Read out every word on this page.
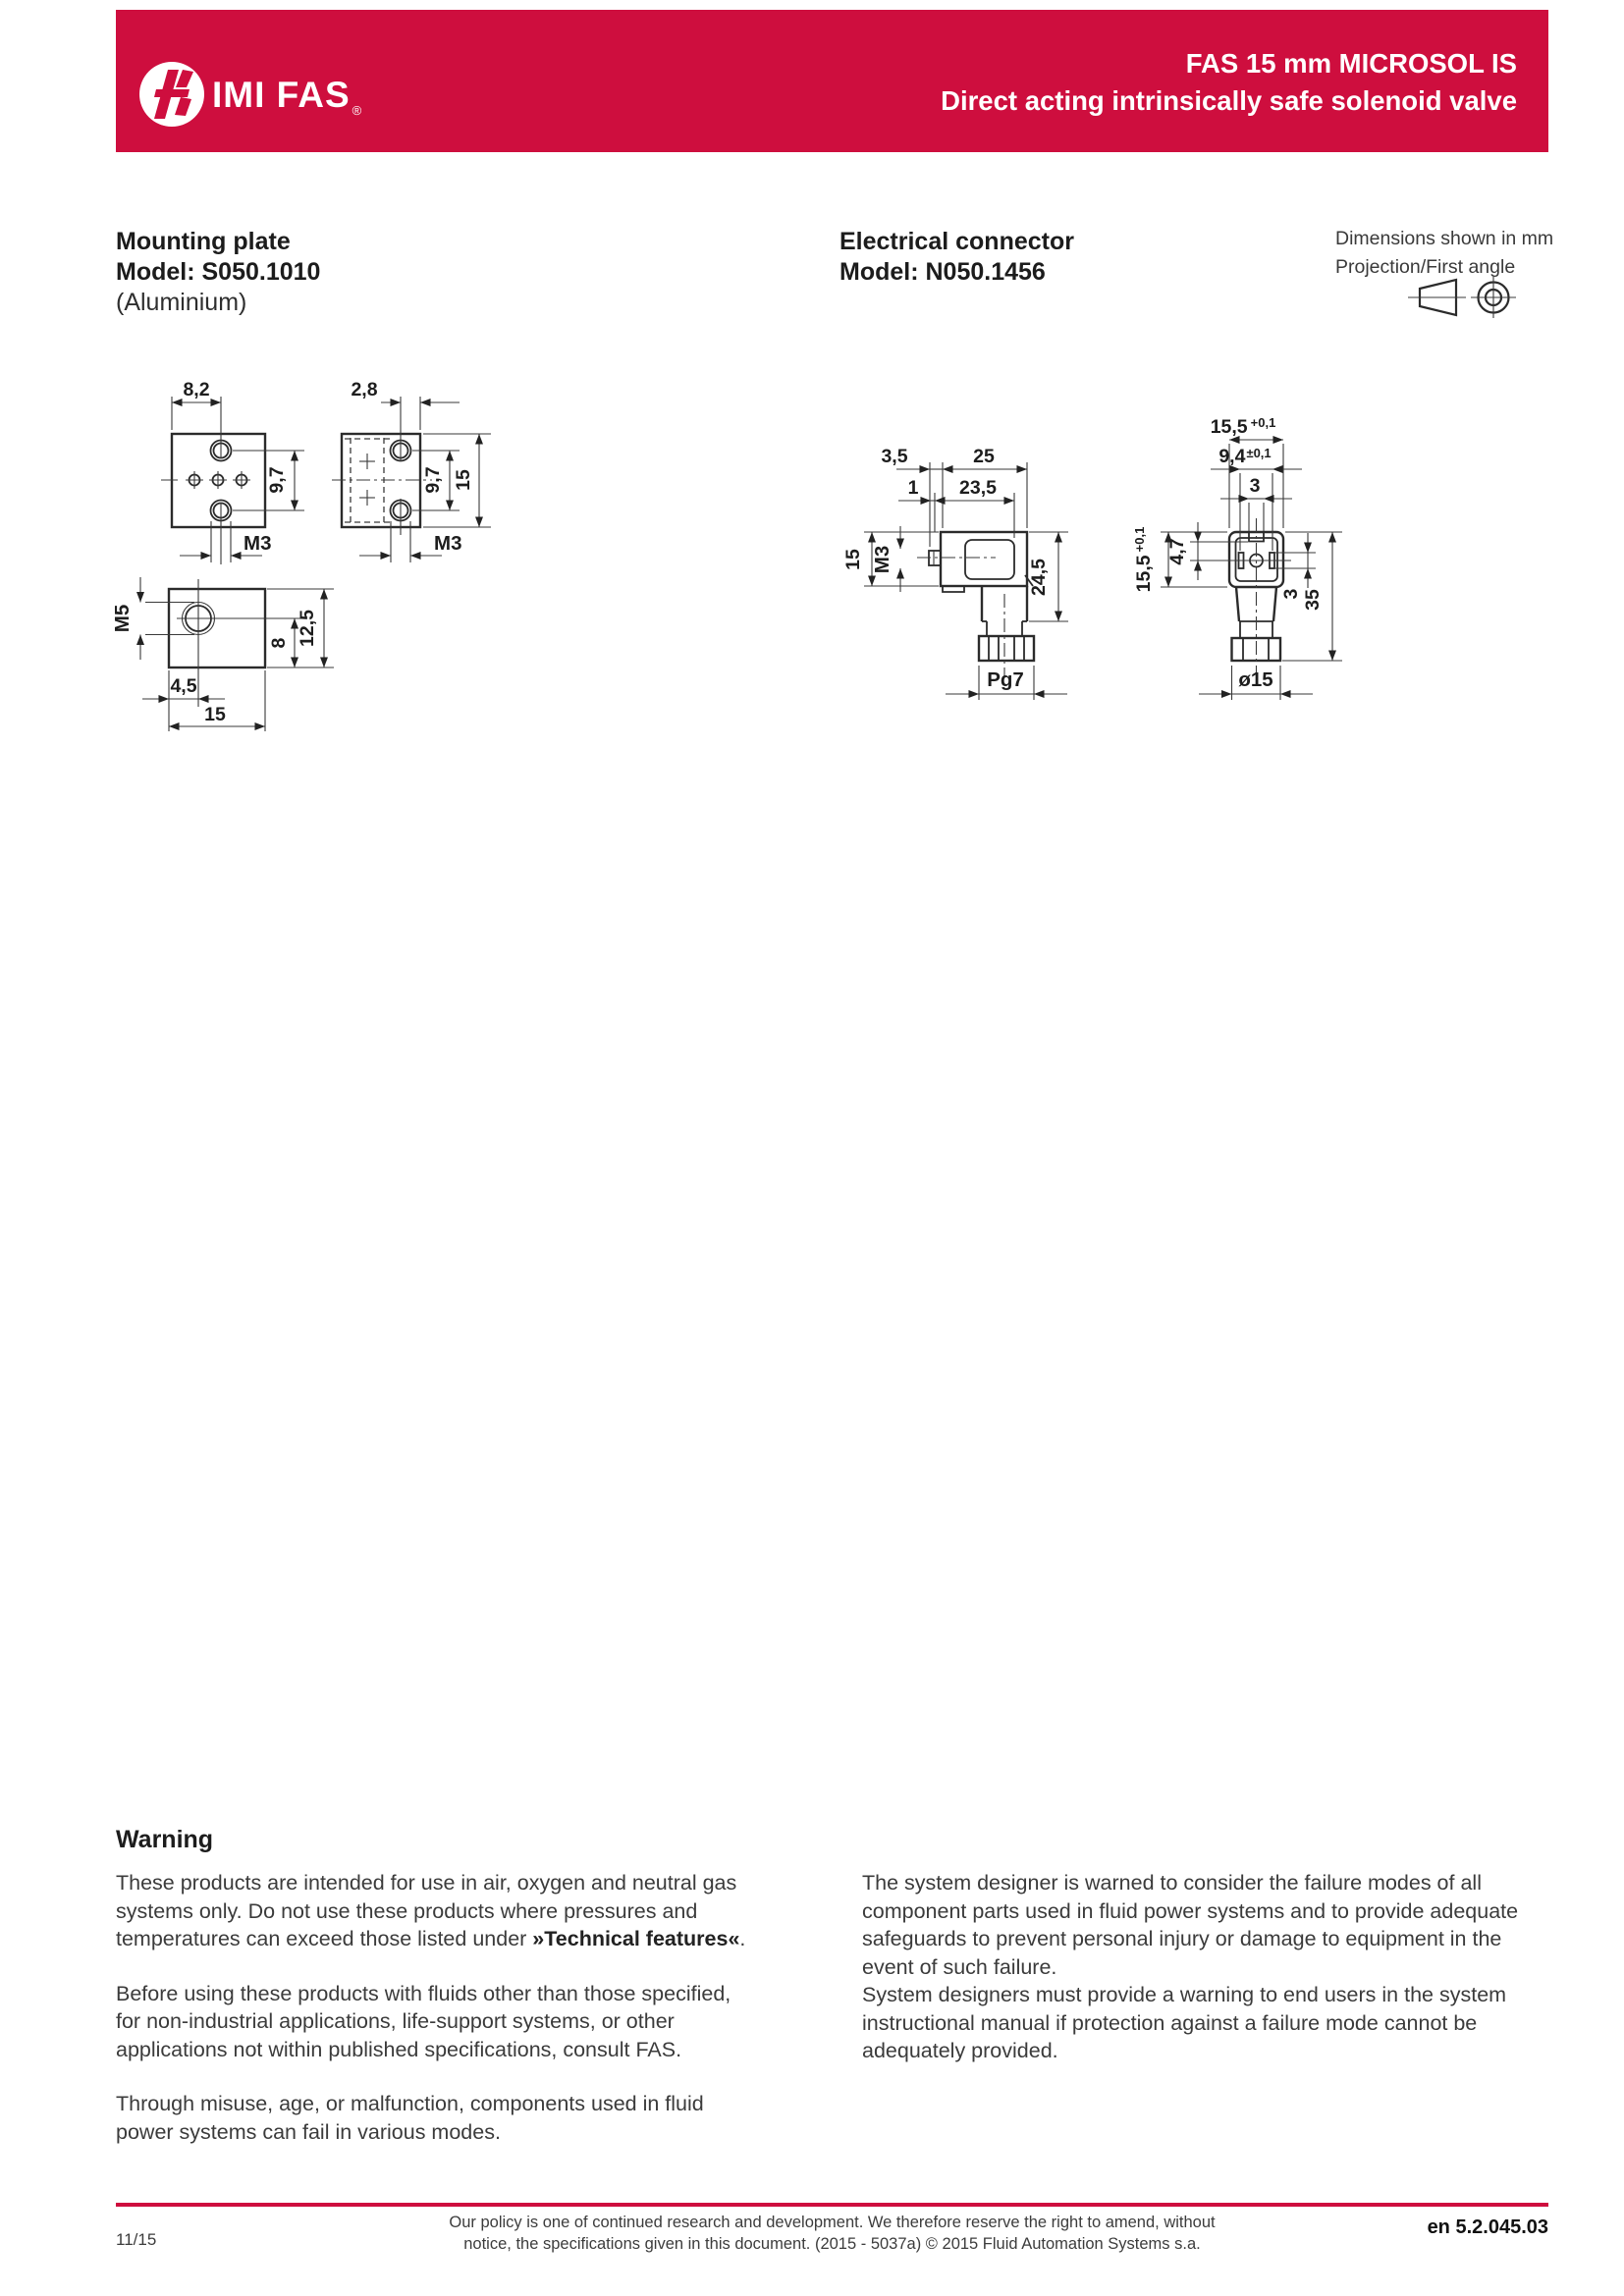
IMI FAS $_®$
FAS 15 mm MICROSOL IS
Direct acting intrinsically safe solenoid valve
Mounting plate
Model: S050.1010
(Aluminium)
Electrical connector
Model: N050.1456
Dimensions shown in mm
Projection/First angle
8,2
9,7
M3
2,8
9,7 15
M3
M5	12,5
8
4,5
15
3,5	25
1 23,5
15 M3	24,5
Pg7
15,5 $^{+0,1}$
$9,4^{\pm 0,1}$
3
$15,5^{+0,1}$	4,7
3 35
ø15
Warning

These products are intended for use in air, oxygen and neutral gas systems only. Do not use these products where pressures and temperatures can exceed those listed under »Technical features«.

Before using these products with fluids other than those specified, for non-industrial applications, life-support systems, or other applications not within published specifications, consult FAS.

Through misuse, age, or malfunction, components used in fluid power systems can fail in various modes.

The system designer is warned to consider the failure modes of all component parts used in fluid power systems and to provide adequate safeguards to prevent personal injury or damage to equipment in the event of such failure.

System designers must provide a warning to end users in the system instructional manual if protection against a failure mode cannot be adequately provided.

11/15
Our policy is one of continued research and development. We therefore reserve the right to amend, without
notice, the specifications given in this document. (2015 - 5037a) © 2015 Fluid Automation Systems s.a.
en 5.2.045.03
